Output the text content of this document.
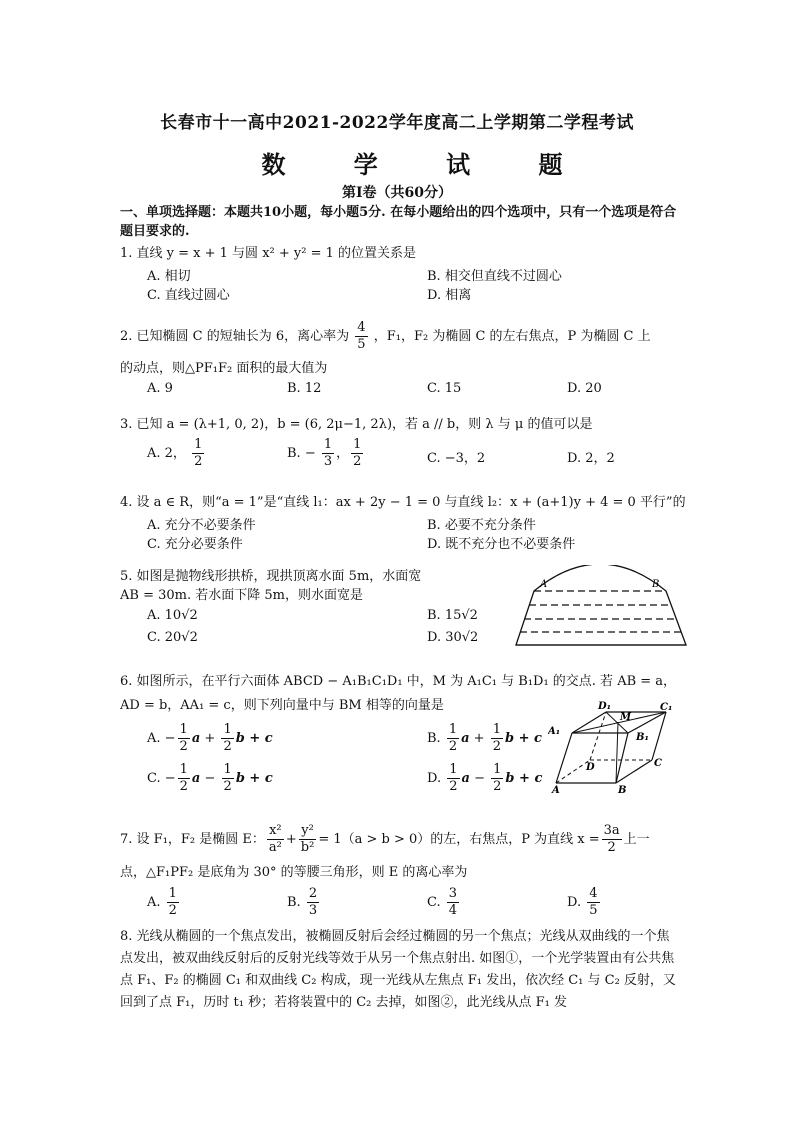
长春市十一高中2021-2022学年度高二上学期第二学程考试
数 学 试 题
第I卷（共60分）
一、单项选择题：本题共10小题，每小题5分. 在每小题给出的四个选项中，只有一个选项是符合题目要求的.
1. 直线 y = x + 1 与圆 x² + y² = 1 的位置关系是
A. 相切	B. 相交但直线不过圆心
C. 直线过圆心	D. 相离
2. 已知椭圆 C 的短轴长为 6，离心率为 $\frac{4}{5}$ ，F₁，F₂ 为椭圆 C 的左右焦点，P 为椭圆 C 上
的动点，则△PF₁F₂ 面积的最大值为
A. 9	B. 12	C. 15	D. 20
3. 已知 a = (λ+1, 0, 2)，b = (6, 2μ−1, 2λ)，若 a // b，则 λ 与 μ 的值可以是
A. 2， $\frac{1}{2}$	B. − $\frac{1}{3}$ ， $\frac{1}{2}$	C. −3，2	D. 2，2
4. 设 a ∈ R，则“a = 1”是“直线 l₁：ax + 2y − 1 = 0 与直线 l₂：x + (a+1)y + 4 = 0 平行”的
A. 充分不必要条件	B. 必要不充分条件
C. 充分必要条件	D. 既不充分也不必要条件
5. 如图是抛物线形拱桥，现拱顶离水面 5m，水面宽
AB = 30m. 若水面下降 5m，则水面宽是
A. 10√2	B. 15√2
C. 20√2	D. 30√2
A	B
6. 如图所示，在平行六面体 ABCD − A₁B₁C₁D₁ 中，M 为 A₁C₁ 与 B₁D₁ 的交点. 若 AB = a，
AD = b，AA₁ = c，则下列向量中与 BM 相等的向量是
A. − $\frac{1}{2}$ $a + \frac{1}{2}$ b + c	B. $\frac{1}{2}$ $a + \frac{1}{2}$ b + c
C. − $\frac{1}{2}$ $a - \frac{1}{2}$ b + c	D. $\frac{1}{2}$ $a - \frac{1}{2}$ b + c
A₁
D₁
M
C₁
B₁
D	C
A	B
7. 设 F₁，F₂ 是椭圆 E： $\frac{\text{x²}}{\text{a²}} + \frac{\text{y²}}{\text{b²}} = 1(a > b > 0)$的左，右焦点，P 为直线 $x = \frac{3a}{2}$ 上一
点，△F₁PF₂ 是底角为 30° 的等腰三角形，则 E 的离心率为
A. $\frac{1}{2}$	B. $\frac{2}{3}$	C. $\frac{3}{4}$	D. $\frac{4}{5}$
8. 光线从椭圆的一个焦点发出，被椭圆反射后会经过椭圆的另一个焦点；光线从双曲线的一个焦点发出，被双曲线反射后的反射光线等效于从另一个焦点射出. 如图①，一个光学装置由有公共焦点 F₁、F₂ 的椭圆 C₁ 和双曲线 C₂ 构成，现一光线从左焦点 F₁ 发出，依次经 C₁ 与 C₂ 反射，又回到了点 F₁，历时 t₁ 秒；若将装置中的 C₂ 去掉，如图②，此光线从点 F₁ 发
